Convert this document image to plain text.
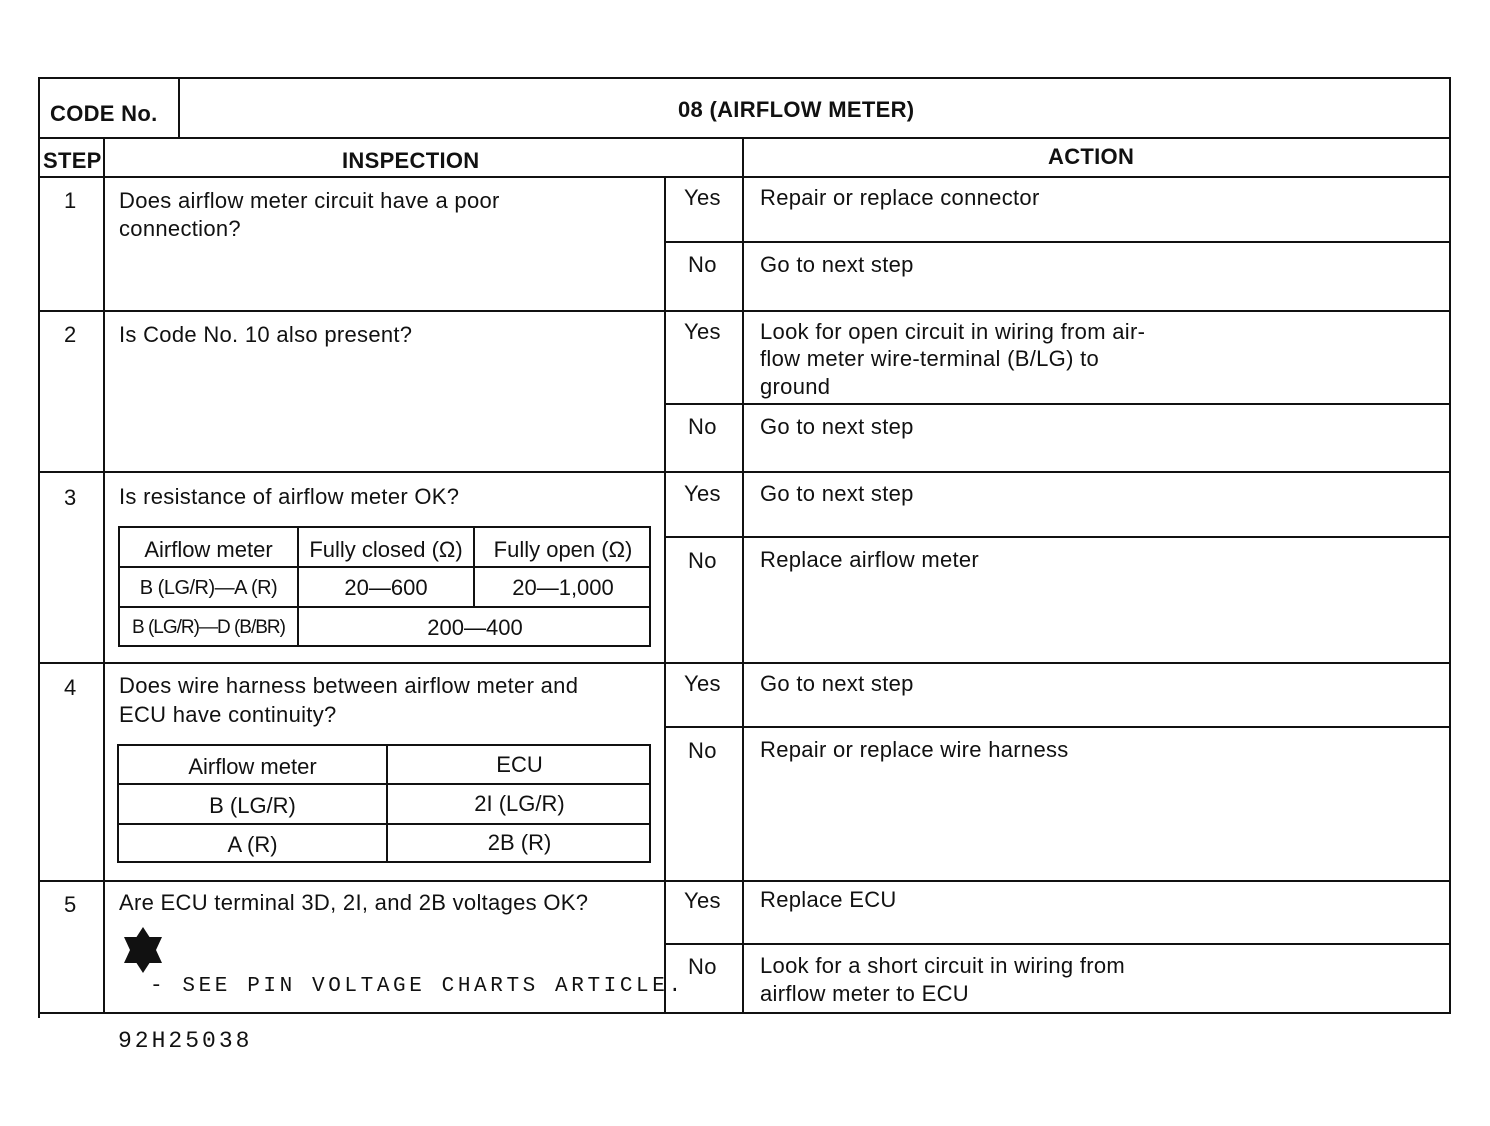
CODE No.	08 (AIRFLOW METER)
STEP	INSPECTION	ACTION
1 Does airflow meter circuit have a poor
connection?
Yes Repair or replace connector
No Go to next step
2 Is Code No. 10 also present?	Yes Look for open circuit in wiring from air-
flow meter wire-terminal (B/LG) to
ground
No Go to next step
3 Is resistance of airflow meter OK?
Airflow meter	Fully closed (Ω)	Fully open (Ω)
B (LG/R)—A (R)	20—600	20—1,000
B (LG/R)—D (B/BR)	200—400
Yes Go to next step
No Replace airflow meter
4 Does wire harness between airflow meter and
ECU have continuity?
Airflow meter	ECU
B (LG/R)	2I (LG/R)
A (R)	2B (R)
Yes Go to next step
No Repair or replace wire harness
5 Are ECU terminal 3D, 2I, and 2B voltages OK?
- SEE PIN VOLTAGE CHARTS ARTICLE.
Yes Replace ECU
No Look for a short circuit in wiring from
airflow meter to ECU
92H25038
